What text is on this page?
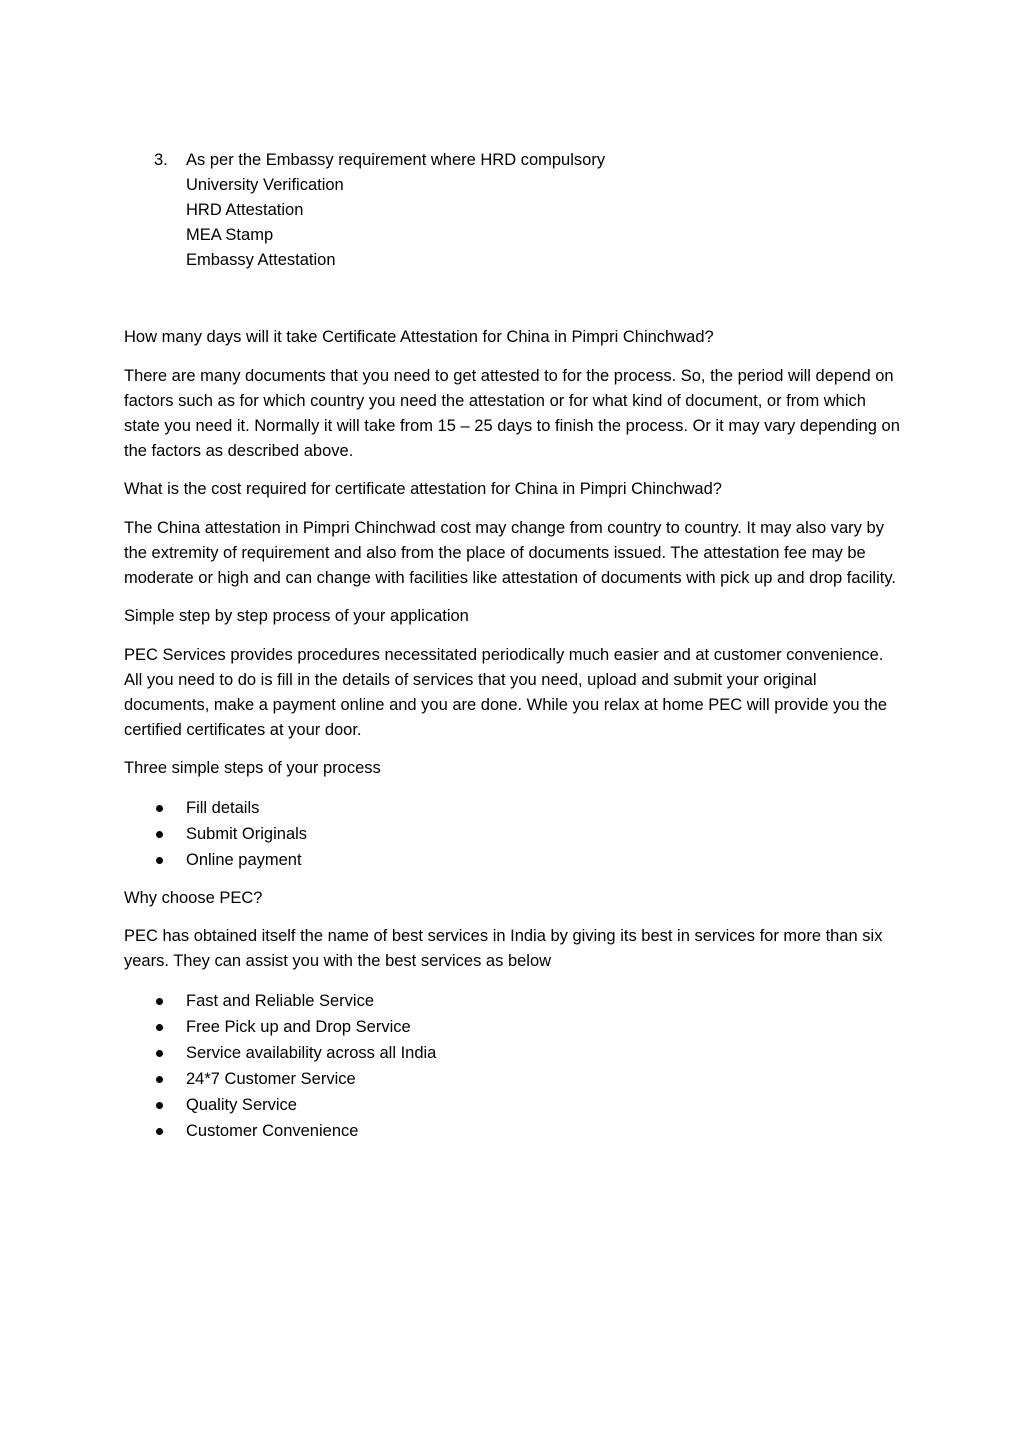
3. As per the Embassy requirement where HRD compulsory
University Verification
HRD Attestation
MEA Stamp
Embassy Attestation

How many days will it take Certificate Attestation for China in Pimpri Chinchwad?

There are many documents that you need to get attested to for the process. So, the period will depend on factors such as for which country you need the attestation or for what kind of document, or from which state you need it. Normally it will take from 15 – 25 days to finish the process. Or it may vary depending on the factors as described above.

What is the cost required for certificate attestation for China in Pimpri Chinchwad?

The China attestation in Pimpri Chinchwad cost may change from country to country. It may also vary by the extremity of requirement and also from the place of documents issued. The attestation fee may be moderate or high and can change with facilities like attestation of documents with pick up and drop facility.

Simple step by step process of your application

PEC Services provides procedures necessitated periodically much easier and at customer convenience. All you need to do is fill in the details of services that you need, upload and submit your original documents, make a payment online and you are done. While you relax at home PEC will provide you the certified certificates at your door.

Three simple steps of your process

Fill details
Submit Originals
Online payment

Why choose PEC?

PEC has obtained itself the name of best services in India by giving its best in services for more than six years. They can assist you with the best services as below

Fast and Reliable Service
Free Pick up and Drop Service
Service availability across all India
24*7 Customer Service
Quality Service
Customer Convenience
